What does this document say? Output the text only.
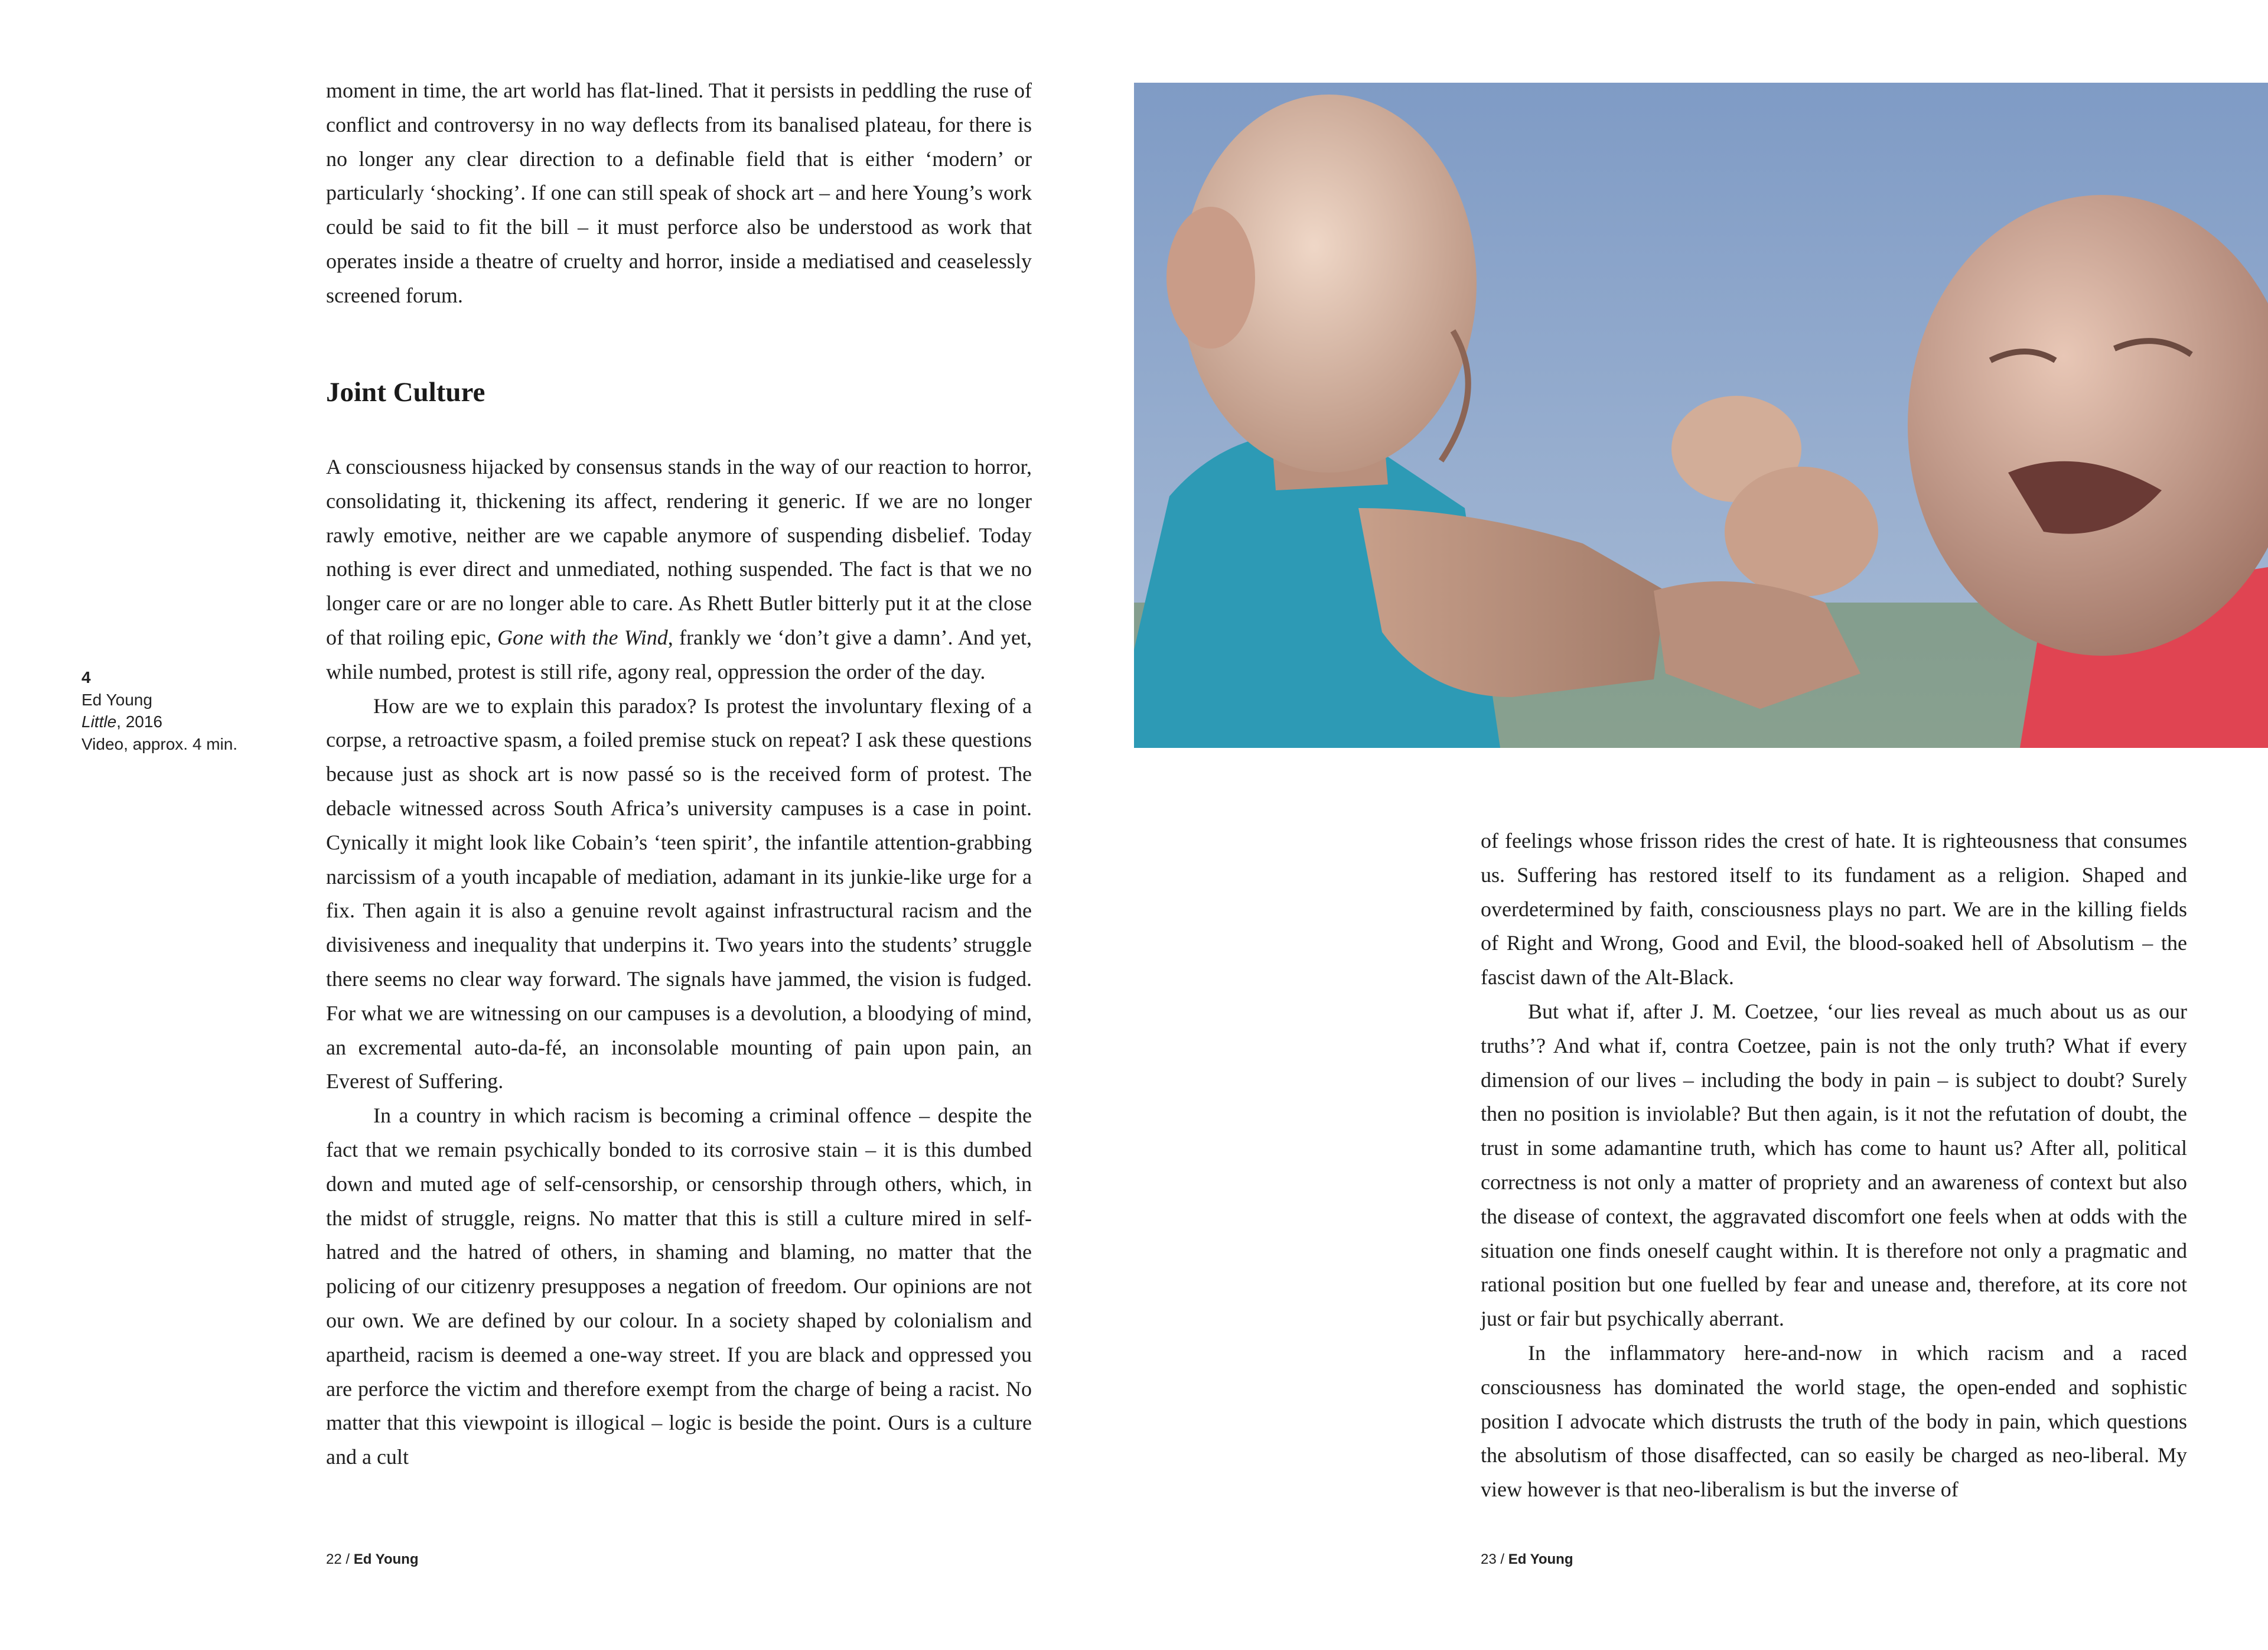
moment in time, the art world has flat-lined. That it persists in peddling the ruse of conflict and controversy in no way deflects from its banalised plateau, for there is no longer any clear direction to a definable field that is either ‘modern’ or particularly ‘shocking’. If one can still speak of shock art – and here Young’s work could be said to fit the bill – it must perforce also be understood as work that operates inside a theatre of cruelty and horror, inside a mediatised and ceaselessly screened forum.

Joint Culture

A consciousness hijacked by consensus stands in the way of our reaction to horror, consolidating it, thickening its affect, rendering it generic. If we are no longer rawly emotive, neither are we capable anymore of suspending disbelief. Today nothing is ever direct and unmediated, nothing suspended. The fact is that we no longer care or are no longer able to care. As Rhett Butler bitterly put it at the close of that roiling epic, Gone with the Wind, frankly we ‘don’t give a damn’. And yet, while numbed, protest is still rife, agony real, oppression the order of the day.

How are we to explain this paradox? Is protest the involuntary flexing of a corpse, a retroactive spasm, a foiled premise stuck on repeat? I ask these questions because just as shock art is now passé so is the received form of protest. The debacle witnessed across South Africa’s university campuses is a case in point. Cynically it might look like Cobain’s ‘teen spirit’, the infantile attention-grabbing narcissism of a youth incapable of mediation, adamant in its junkie-like urge for a fix. Then again it is also a genuine revolt against infrastructural racism and the divisiveness and inequality that underpins it. Two years into the students’ struggle there seems no clear way forward. The signals have jammed, the vision is fudged. For what we are witnessing on our campuses is a devolution, a bloodying of mind, an excremental auto-da-fé, an inconsolable mounting of pain upon pain, an Everest of Suffering.

In a country in which racism is becoming a criminal offence – despite the fact that we remain psychically bonded to its corrosive stain – it is this dumbed down and muted age of self-censorship, or censorship through others, which, in the midst of struggle, reigns. No matter that this is still a culture mired in self-hatred and the hatred of others, in shaming and blaming, no matter that the policing of our citizenry presupposes a negation of freedom. Our opinions are not our own. We are defined by our colour. In a society shaped by colonialism and apartheid, racism is deemed a one-way street. If you are black and oppressed you are perforce the victim and therefore exempt from the charge of being a racist. No matter that this viewpoint is illogical – logic is beside the point. Ours is a culture and a cult

4
Ed Young
Little, 2016
Video, approx. 4 min.
22 / Ed Young

of feelings whose frisson rides the crest of hate. It is righteousness that consumes us. Suffering has restored itself to its fundament as a religion. Shaped and overdetermined by faith, consciousness plays no part. We are in the killing fields of Right and Wrong, Good and Evil, the blood-soaked hell of Absolutism – the fascist dawn of the Alt-Black.

But what if, after J. M. Coetzee, ‘our lies reveal as much about us as our truths’? And what if, contra Coetzee, pain is not the only truth? What if every dimension of our lives – including the body in pain – is subject to doubt? Surely then no position is inviolable? But then again, is it not the refutation of doubt, the trust in some adamantine truth, which has come to haunt us? After all, political correctness is not only a matter of propriety and an awareness of context but also the disease of context, the aggravated discomfort one feels when at odds with the situation one finds oneself caught within. It is therefore not only a pragmatic and rational position but one fuelled by fear and unease and, therefore, at its core not just or fair but psychically aberrant.

In the inflammatory here-and-now in which racism and a raced consciousness has dominated the world stage, the open-ended and sophistic position I advocate which distrusts the truth of the body in pain, which questions the absolutism of those disaffected, can so easily be charged as neo-liberal. My view however is that neo-liberalism is but the inverse of

23 / Ed Young
